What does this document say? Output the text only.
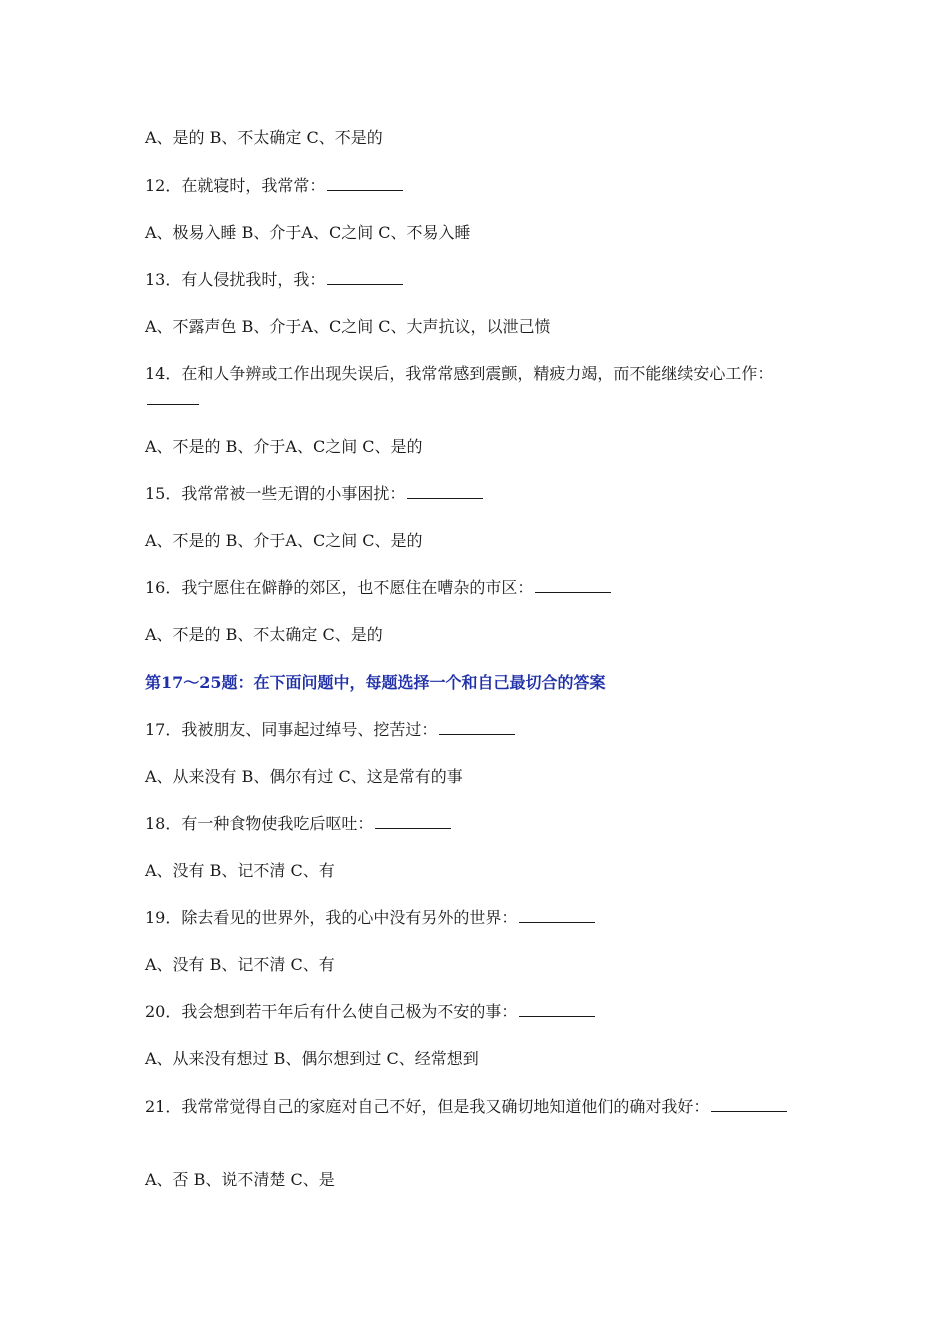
A、是的 B、不太确定 C、不是的
12．在就寝时，我常常：
A、极易入睡 B、介于A、C之间 C、不易入睡
13．有人侵扰我时，我：
A、不露声色 B、介于A、C之间 C、大声抗议，以泄己愤
14．在和人争辨或工作出现失误后，我常常感到震颤，精疲力竭，而不能继续安心工作：
A、不是的 B、介于A、C之间 C、是的
15．我常常被一些无谓的小事困扰：
A、不是的 B、介于A、C之间 C、是的
16．我宁愿住在僻静的郊区，也不愿住在嘈杂的市区：
A、不是的 B、不太确定 C、是的
第17～25题：在下面问题中，每题选择一个和自己最切合的答案
17．我被朋友、同事起过绰号、挖苦过：
A、从来没有 B、偶尔有过 C、这是常有的事
18．有一种食物使我吃后呕吐：
A、没有 B、记不清 C、有
19．除去看见的世界外，我的心中没有另外的世界：
A、没有 B、记不清 C、有
20．我会想到若干年后有什么使自己极为不安的事：
A、从来没有想过 B、偶尔想到过 C、经常想到
21．我常常觉得自己的家庭对自己不好，但是我又确切地知道他们的确对我好：
A、否 B、说不清楚 C、是
